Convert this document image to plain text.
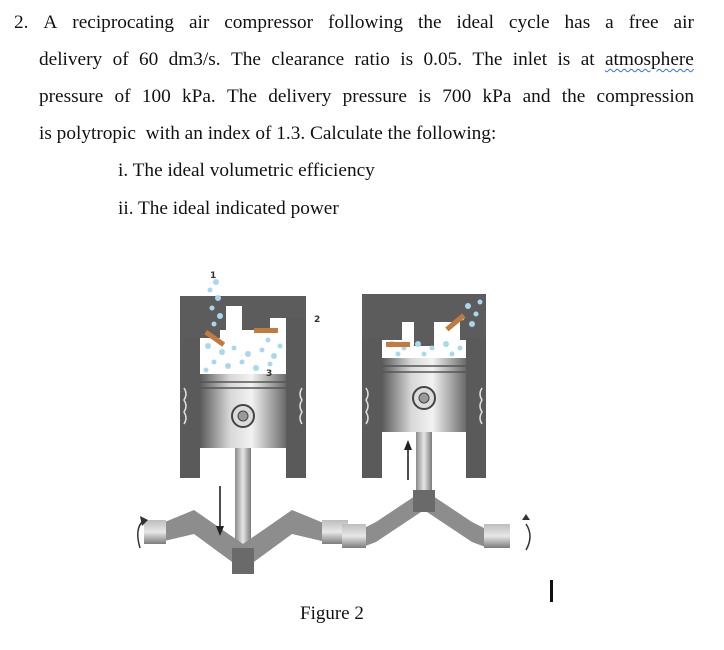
2. A reciprocating air compressor following the ideal cycle has a free air
delivery of 60 dm3/s. The clearance ratio is 0.05. The inlet is at atmosphere
pressure of 100 kPa. The delivery pressure is 700 kPa and the compression
is polytropic  with an index of 1.3. Calculate the following:
i. The ideal volumetric efficiency
ii. The ideal indicated power
1
2
3
Figure 2
